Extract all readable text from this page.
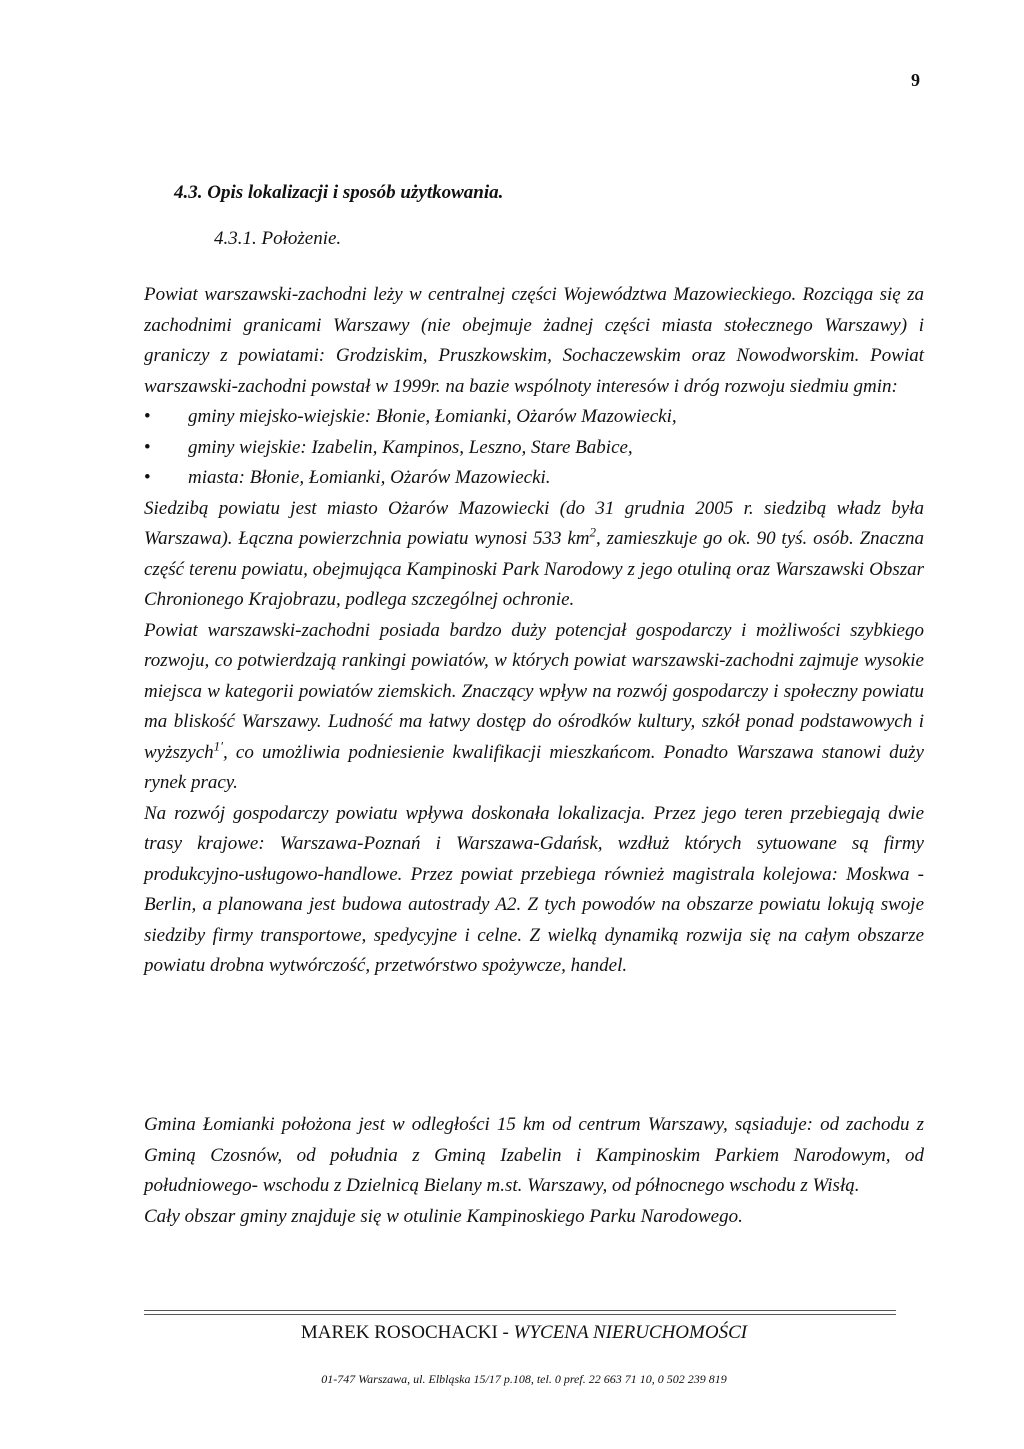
9
4.3. Opis lokalizacji i sposób użytkowania.
4.3.1. Położenie.

Powiat warszawski-zachodni leży w centralnej części Województwa Mazowieckiego. Rozciąga się za zachodnimi granicami Warszawy (nie obejmuje żadnej części miasta stołecznego Warszawy) i graniczy z powiatami: Grodziskim, Pruszkowskim, Sochaczewskim oraz Nowodworskim. Powiat warszawski-zachodni powstał w 1999r. na bazie wspólnoty interesów i dróg rozwoju siedmiu gmin:

• gminy miejsko-wiejskie: Błonie, Łomianki, Ożarów Mazowiecki,
• gminy wiejskie: Izabelin, Kampinos, Leszno, Stare Babice,
• miasta: Błonie, Łomianki, Ożarów Mazowiecki.

Siedzibą powiatu jest miasto Ożarów Mazowiecki (do 31 grudnia 2005 r. siedzibą władz była Warszawa). Łączna powierzchnia powiatu wynosi 533 km$^2$, zamieszkuje go ok. 90 tyś. osób. Znaczna część terenu powiatu, obejmująca Kampinoski Park Narodowy z jego otuliną oraz Warszawski Obszar Chronionego Krajobrazu, podlega szczególnej ochronie.

Powiat warszawski-zachodni posiada bardzo duży potencjał gospodarczy i możliwości szybkiego rozwoju, co potwierdzają rankingi powiatów, w których powiat warszawski-zachodni zajmuje wysokie miejsca w kategorii powiatów ziemskich. Znaczący wpływ na rozwój gospodarczy i społeczny powiatu ma bliskość Warszawy. Ludność ma łatwy dostęp do ośrodków kultury, szkół ponad podstawowych i wyższych$^{1'}$, co umożliwia podniesienie kwalifikacji mieszkańcom. Ponadto Warszawa stanowi duży rynek pracy.

Na rozwój gospodarczy powiatu wpływa doskonała lokalizacja. Przez jego teren przebiegają dwie trasy krajowe: Warszawa-Poznań i Warszawa-Gdańsk, wzdłuż których sytuowane są firmy produkcyjno-usługowo-handlowe. Przez powiat przebiega również magistrala kolejowa: Moskwa - Berlin, a planowana jest budowa autostrady A2. Z tych powodów na obszarze powiatu lokują swoje siedziby firmy transportowe, spedycyjne i celne. Z wielką dynamiką rozwija się na całym obszarze powiatu drobna wytwórczość, przetwórstwo spożywcze, handel.

Gmina Łomianki położona jest w odległości 15 km od centrum Warszawy, sąsiaduje: od zachodu z Gminą Czosnów, od południa z Gminą Izabelin i Kampinoskim Parkiem Narodowym, od południowego- wschodu z Dzielnicą Bielany m.st. Warszawy, od północnego wschodu z Wisłą.

Cały obszar gminy znajduje się w otulinie Kampinoskiego Parku Narodowego.

MAREK ROSOCHACKI - WYCENA NIERUCHOMOŚCI
01-747 Warszawa, ul. Elbląska 15/17 p.108, tel. 0 pref. 22 663 71 10, 0 502 239 819
